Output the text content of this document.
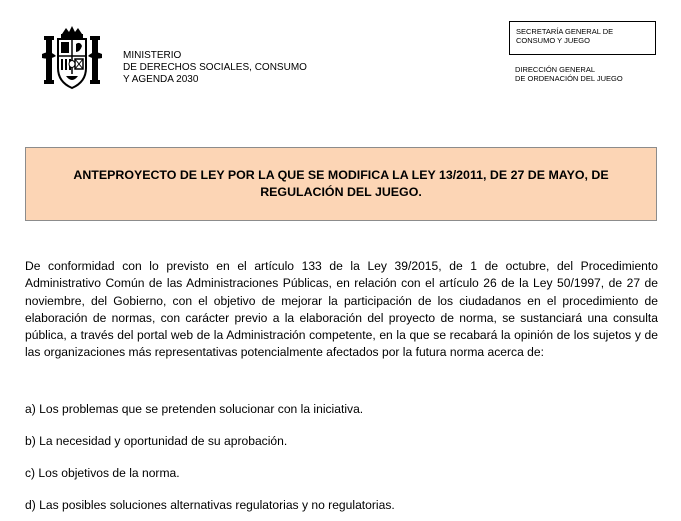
MINISTERIO
DE DERECHOS SOCIALES, CONSUMO
Y AGENDA 2030
SECRETARÍA GENERAL DE
CONSUMO Y JUEGO
DIRECCIÓN GENERAL
DE ORDENACIÓN DEL JUEGO
ANTEPROYECTO DE LEY POR LA QUE SE MODIFICA LA LEY 13/2011, DE 27 DE MAYO, DE REGULACIÓN DEL JUEGO.
De conformidad con lo previsto en el artículo 133 de la Ley 39/2015, de 1 de octubre, del Procedimiento Administrativo Común de las Administraciones Públicas, en relación con el artículo 26 de la Ley 50/1997, de 27 de noviembre, del Gobierno, con el objetivo de mejorar la participación de los ciudadanos en el procedimiento de elaboración de normas, con carácter previo a la elaboración del proyecto de norma, se sustanciará una consulta pública, a través del portal web de la Administración competente, en la que se recabará la opinión de los sujetos y de las organizaciones más representativas potencialmente afectados por la futura norma acerca de:
a) Los problemas que se pretenden solucionar con la iniciativa.
b) La necesidad y oportunidad de su aprobación.
c) Los objetivos de la norma.
d) Las posibles soluciones alternativas regulatorias y no regulatorias.
